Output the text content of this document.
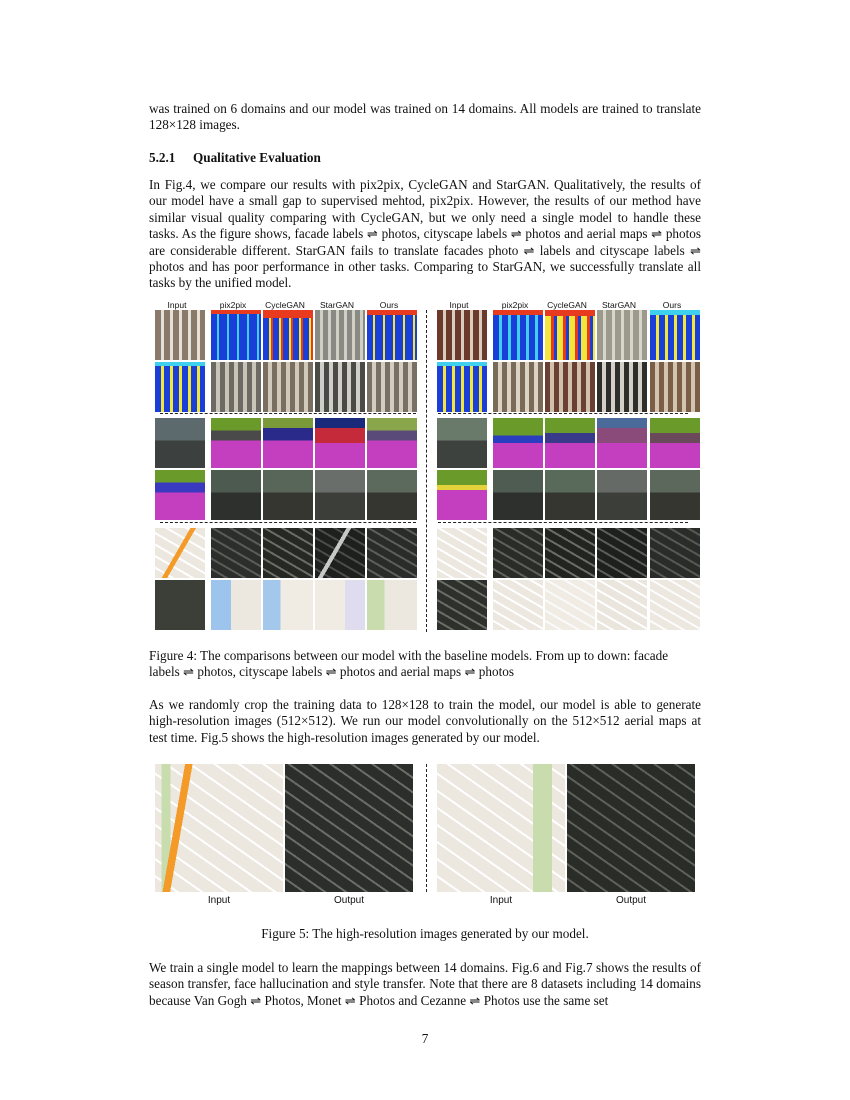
was trained on 6 domains and our model was trained on 14 domains. All models are trained to translate 128×128 images.

5.2.1 Qualitative Evaluation

In Fig.4, we compare our results with pix2pix, CycleGAN and StarGAN. Qualitatively, the results of our model have a small gap to supervised mehtod, pix2pix. However, the results of our method have similar visual quality comparing with CycleGAN, but we only need a single model to handle these tasks. As the figure shows, facade labels ⇌ photos, cityscape labels ⇌ photos and aerial maps ⇌ photos are considerable different. StarGAN fails to translate facades photo ⇌ labels and cityscape labels ⇌ photos and has poor performance in other tasks. Comparing to StarGAN, we successfully translate all tasks by the unified model.

Input	pix2pix	CycleGAN	StarGAN	Ours	Input	pix2pix	CycleGAN	StarGAN	Ours

Figure 4: The comparisons between our model with the baseline models. From up to down: facade labels ⇌ photos, cityscape labels ⇌ photos and aerial maps ⇌ photos

As we randomly crop the training data to 128×128 to train the model, our model is able to generate high-resolution images (512×512). We run our model convolutionally on the 512×512 aerial maps at test time. Fig.5 shows the high-resolution images generated by our model.

Input	Output	Input	Output

Figure 5: The high-resolution images generated by our model.

We train a single model to learn the mappings between 14 domains. Fig.6 and Fig.7 shows the results of season transfer, face hallucination and style transfer. Note that there are 8 datasets including 14 domains because Van Gogh ⇌ Photos, Monet ⇌ Photos and Cezanne ⇌ Photos use the same set

7
